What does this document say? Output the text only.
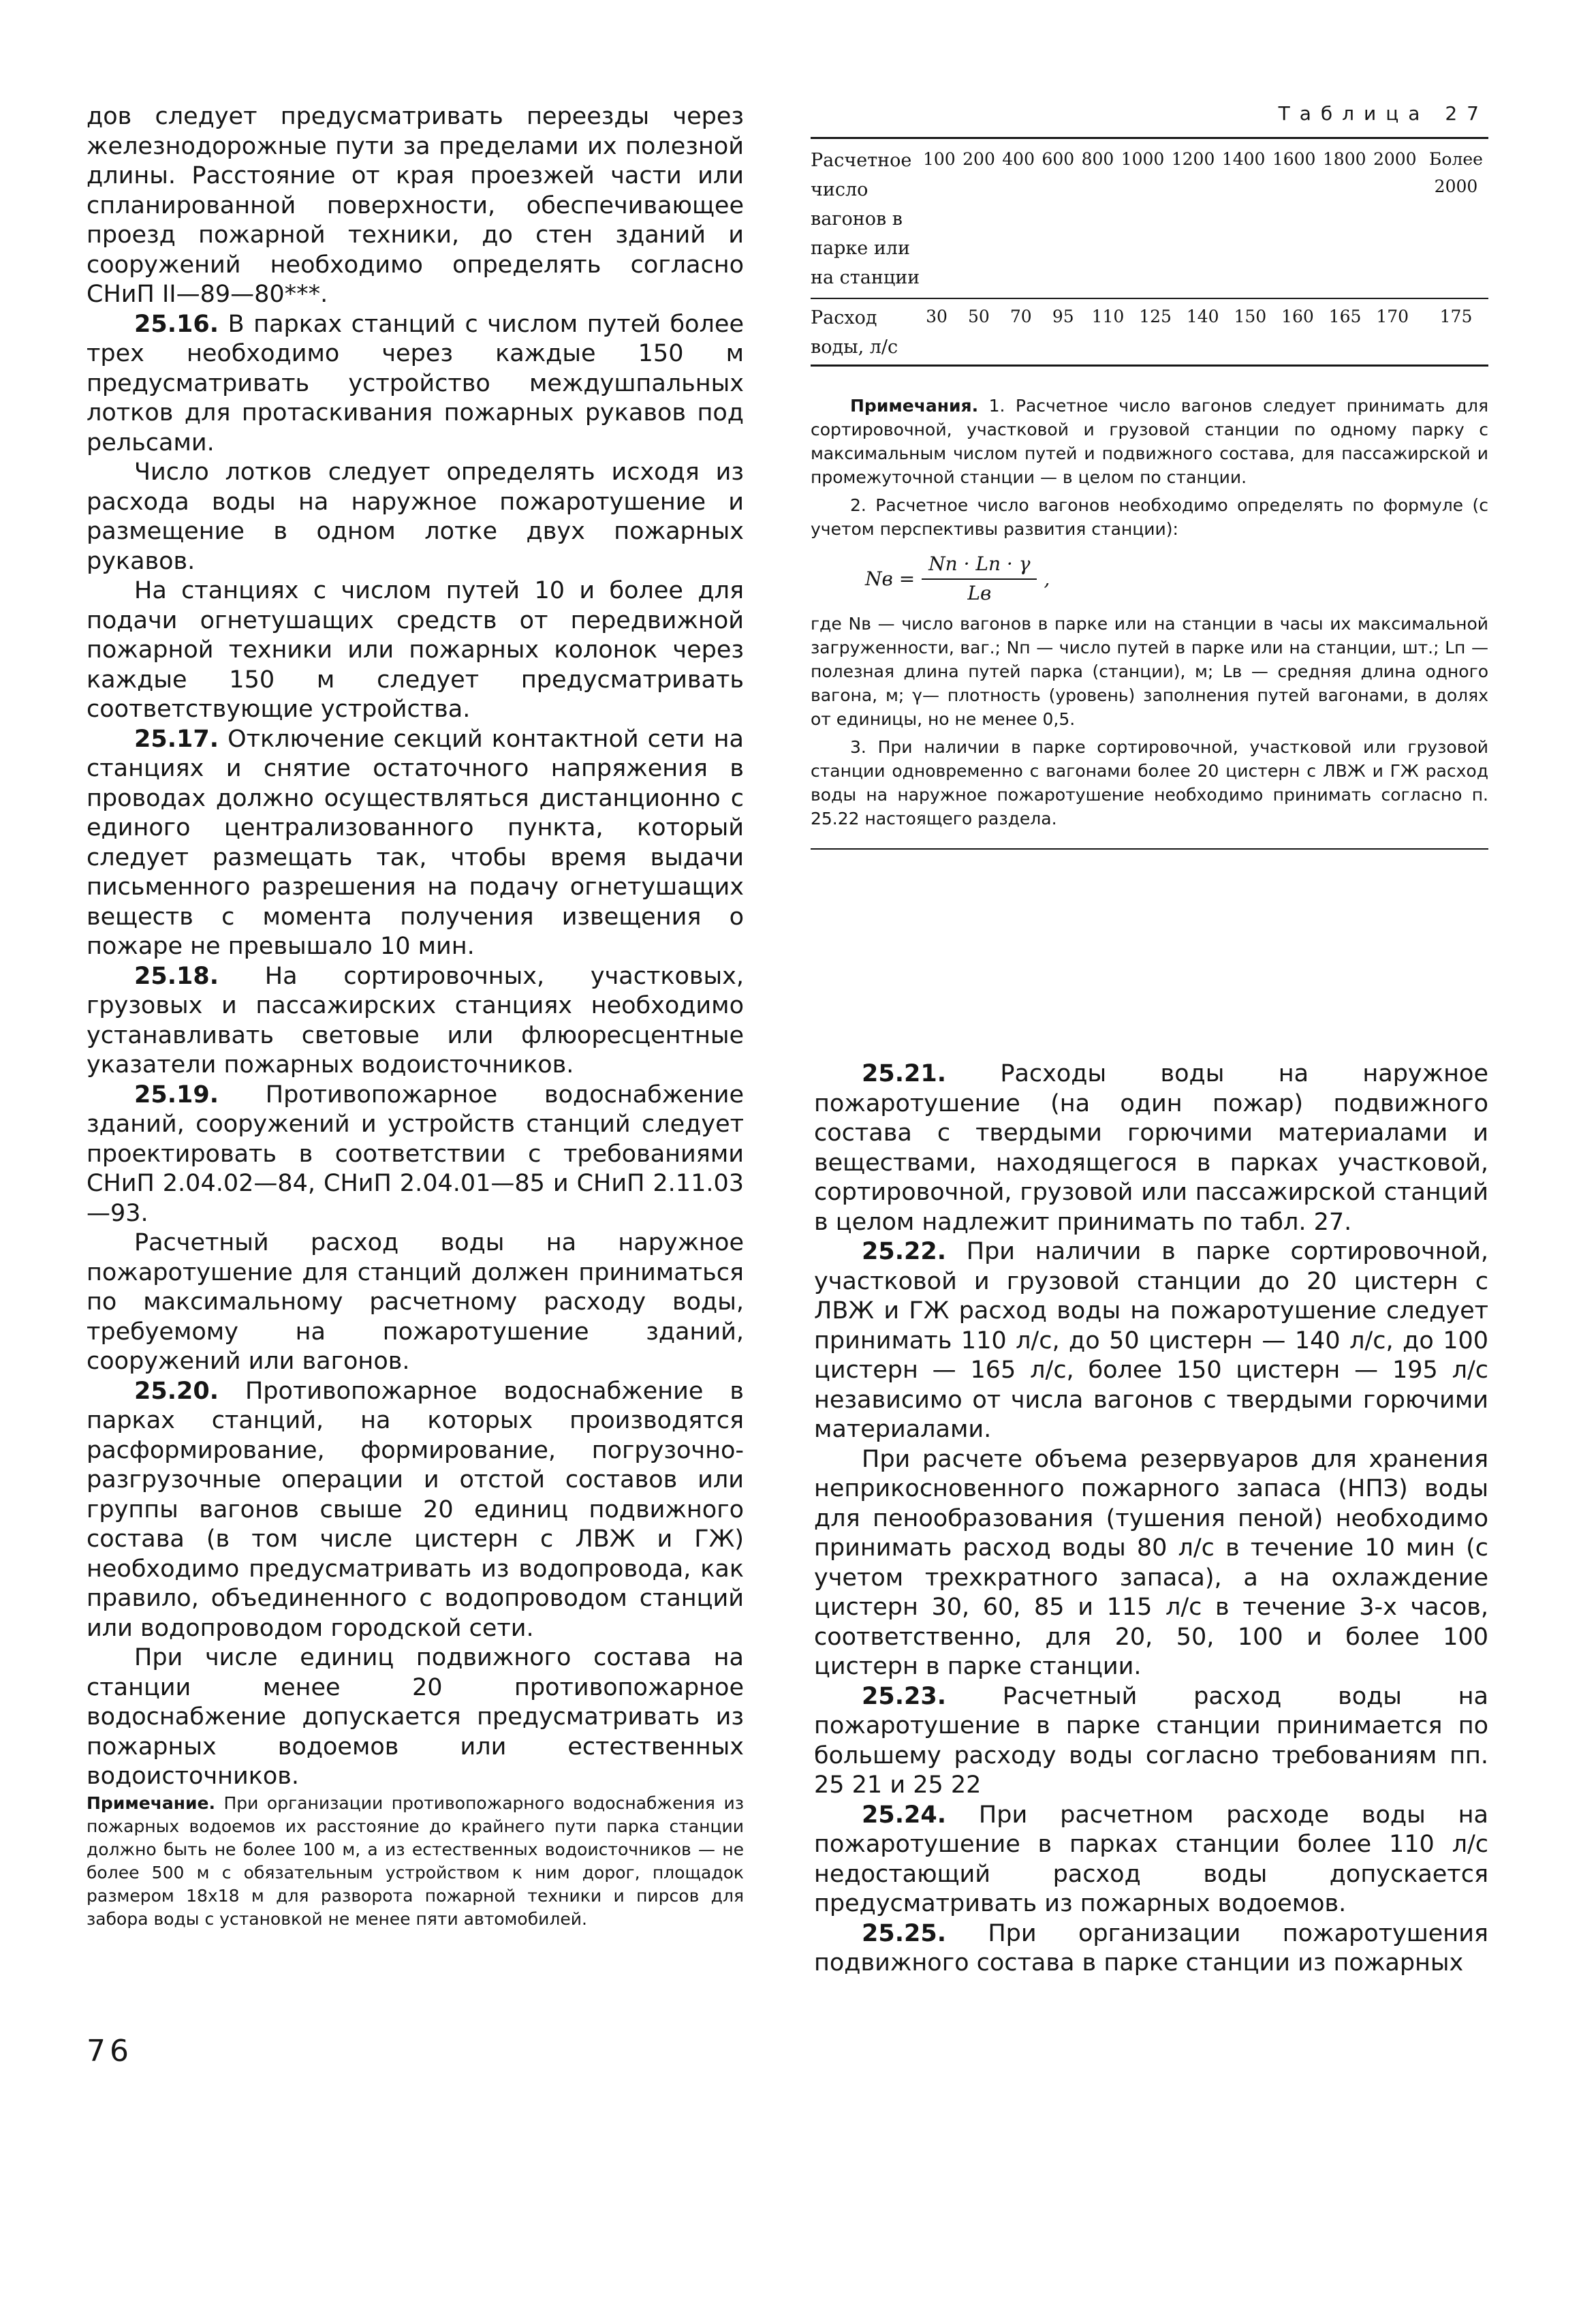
дов следует предусматривать переезды через железнодорожные пути за пределами их полезной длины. Расстояние от края проезжей части или спланированной поверхности, обеспечивающее проезд пожарной техники, до стен зданий и сооружений необходимо определять согласно СНиП II—89—80***.

25.16. В парках станций с числом путей более трех необходимо через каждые 150 м предусматривать устройство междушпальных лотков для протаскивания пожарных рукавов под рельсами.

Число лотков следует определять исходя из расхода воды на наружное пожаротушение и размещение в одном лотке двух пожарных рукавов.

На станциях с числом путей 10 и более для подачи огнетушащих средств от передвижной пожарной техники или пожарных колонок через каждые 150 м следует предусматривать соответствующие устройства.

25.17. Отключение секций контактной сети на станциях и снятие остаточного напряжения в проводах должно осуществляться дистанционно с единого централизованного пункта, который следует размещать так, чтобы время выдачи письменного разрешения на подачу огнетушащих веществ с момента получения извещения о пожаре не превышало 10 мин.

25.18. На сортировочных, участковых, грузовых и пассажирских станциях необходимо устанавливать световые или флюоресцентные указатели пожарных водоисточников.

25.19. Противопожарное водоснабжение зданий, сооружений и устройств станций следует проектировать в соответствии с требованиями СНиП 2.04.02—84, СНиП 2.04.01—85 и СНиП 2.11.03—93.

Расчетный расход воды на наружное пожаротушение для станций должен приниматься по максимальному расчетному расходу воды, требуемому на пожаротушение зданий, сооружений или вагонов.

25.20. Противопожарное водоснабжение в парках станций, на которых производятся расформирование, формирование, погрузочно-разгрузочные операции и отстой составов или группы вагонов свыше 20 единиц подвижного состава (в том числе цистерн с ЛВЖ и ГЖ) необходимо предусматривать из водопровода, как правило, объединенного с водопроводом станций или водопроводом городской сети.

При числе единиц подвижного состава на станции менее 20 противопожарное водоснабжение допускается предусматривать из пожарных водоемов или естественных водоисточников.

Примечание. При организации противопожарного водоснабжения из пожарных водоемов их расстояние до крайнего пути парка станции должно быть не более 100 м, а из естественных водоисточников — не более 500 м с обязательным устройством к ним дорог, площадок размером 18х18 м для разворота пожарной техники и пирсов для забора воды с установкой не менее пяти автомобилей.

76
Таблица 27
Расчетное число вагонов в парке или на станции
100 200 400 600 800 1000 1200 1400 1600 1800 2000 Более 2000
Расход воды, л/с
30 50 70 95 110 125 140 150 160 165 170	175

Примечания. 1. Расчетное число вагонов следует принимать для сортировочной, участковой и грузовой станции по одному парку с максимальным числом путей и подвижного состава, для пассажирской и промежуточной станции — в целом по станции.

2. Расчетное число вагонов необходимо определять по формуле (с учетом перспективы развития станции):

Nв = $\frac{Nn \cdot Ln \cdot \gamma}{Lв}$ ,

где Nв — число вагонов в парке или на станции в часы их максимальной загруженности, ваг.; Nп — число путей в парке или на станции, шт.; Lп — полезная длина путей парка (станции), м; Lв — средняя длина одного вагона, м; γ— плотность (уровень) заполнения путей вагонами, в долях от единицы, но не менее 0,5.

3. При наличии в парке сортировочной, участковой или грузовой станции одновременно с вагонами более 20 цистерн с ЛВЖ и ГЖ расход воды на наружное пожаротушение необходимо принимать согласно п. 25.22 настоящего раздела.

25.21. Расходы воды на наружное пожаротушение (на один пожар) подвижного состава с твердыми горючими материалами и веществами, находящегося в парках участковой, сортировочной, грузовой или пассажирской станций в целом надлежит принимать по табл. 27.

25.22. При наличии в парке сортировочной, участковой и грузовой станции до 20 цистерн с ЛВЖ и ГЖ расход воды на пожаротушение следует принимать 110 л/с, до 50 цистерн — 140 л/с, до 100 цистерн — 165 л/с, более 150 цистерн — 195 л/с независимо от числа вагонов с твердыми горючими материалами.

При расчете объема резервуаров для хранения неприкосновенного пожарного запаса (НПЗ) воды для пенообразования (тушения пеной) необходимо принимать расход воды 80 л/с в течение 10 мин (с учетом трехкратного запаса), а на охлаждение цистерн 30, 60, 85 и 115 л/с в течение 3-х часов, соответственно, для 20, 50, 100 и более 100 цистерн в парке станции.

25.23. Расчетный расход воды на пожаротушение в парке станции принимается по большему расходу воды согласно требованиям пп. 25 21 и 25 22

25.24. При расчетном расходе воды на пожаротушение в парках станции более 110 л/с недостающий расход воды допускается предусматривать из пожарных водоемов.

25.25. При организации пожаротушения подвижного состава в парке станции из пожарных
